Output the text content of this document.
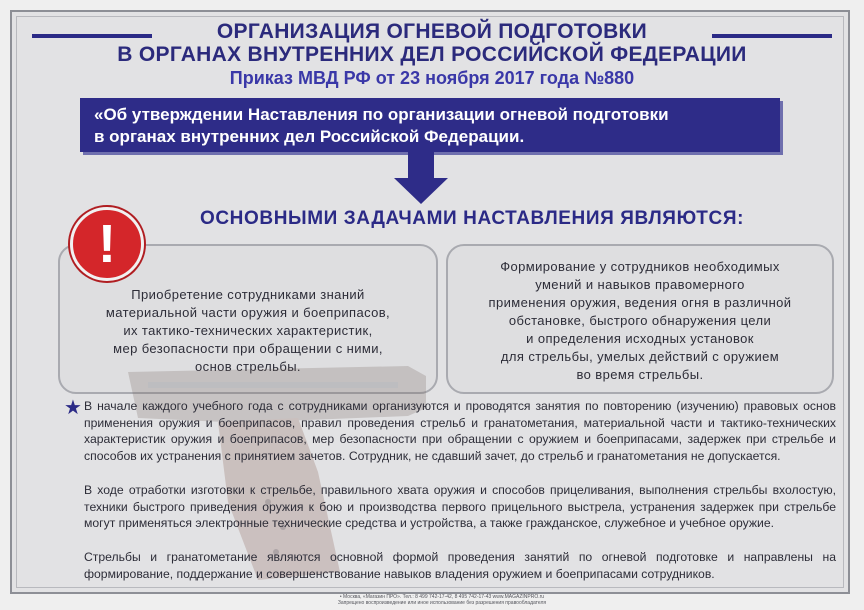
ОРГАНИЗАЦИЯ ОГНЕВОЙ ПОДГОТОВКИ
В ОРГАНАХ ВНУТРЕННИХ ДЕЛ РОССИЙСКОЙ ФЕДЕРАЦИИ
Приказ МВД РФ от 23 ноября 2017 года №880
«Об утверждении Наставления по организации огневой подготовки
в органах внутренних дел Российской Федерации.
Приобретение сотрудниками знаний
материальной части оружия и боеприпасов,
их тактико-технических характеристик,
мер безопасности при обращении с ними,
основ стрельбы.
Формирование у сотрудников необходимых
умений и навыков правомерного
применения оружия, ведения огня в различной
обстановке, быстрого обнаружения цели
и определения исходных установок
для стрельбы, умелых действий с оружием
во время стрельбы.
!	ОСНОВНЫМИ ЗАДАЧАМИ НАСТАВЛЕНИЯ ЯВЛЯЮТСЯ:
★ В начале каждого учебного года с сотрудниками организуются и проводятся занятия по повторению (изучению) правовых основ применения оружия и боеприпасов, правил проведения стрельб и гранатометания, материальной части и тактико-технических характеристик оружия и боеприпасов, мер безопасности при обращении с оружием и боеприпасами, задержек при стрельбе и способов их устранения с принятием зачетов. Сотрудник, не сдавший зачет, до стрельб и гранатометания не допускается.
В ходе отработки изготовки к стрельбе, правильного хвата оружия и способов прицеливания, выполнения стрельбы вхолостую, техники быстрого приведения оружия к бою и производства первого прицельного выстрела, устранения задержек при стрельбе могут применяться электронные технические средства и устройства, а также гражданское, служебное и учебное оружие.
Стрельбы и гранатометание являются основной формой проведения занятий по огневой подготовке и направлены на формирование, поддержание и совершенствование навыков владения оружием и боеприпасами сотрудников.
• Москва, «Магазин ПРО». Тел.: 8 499 742-17-42, 8 495 742-17-43 www.MAGAZINPRO.ru
Запрещено воспроизведение или иное использование без разрешения правообладателя
